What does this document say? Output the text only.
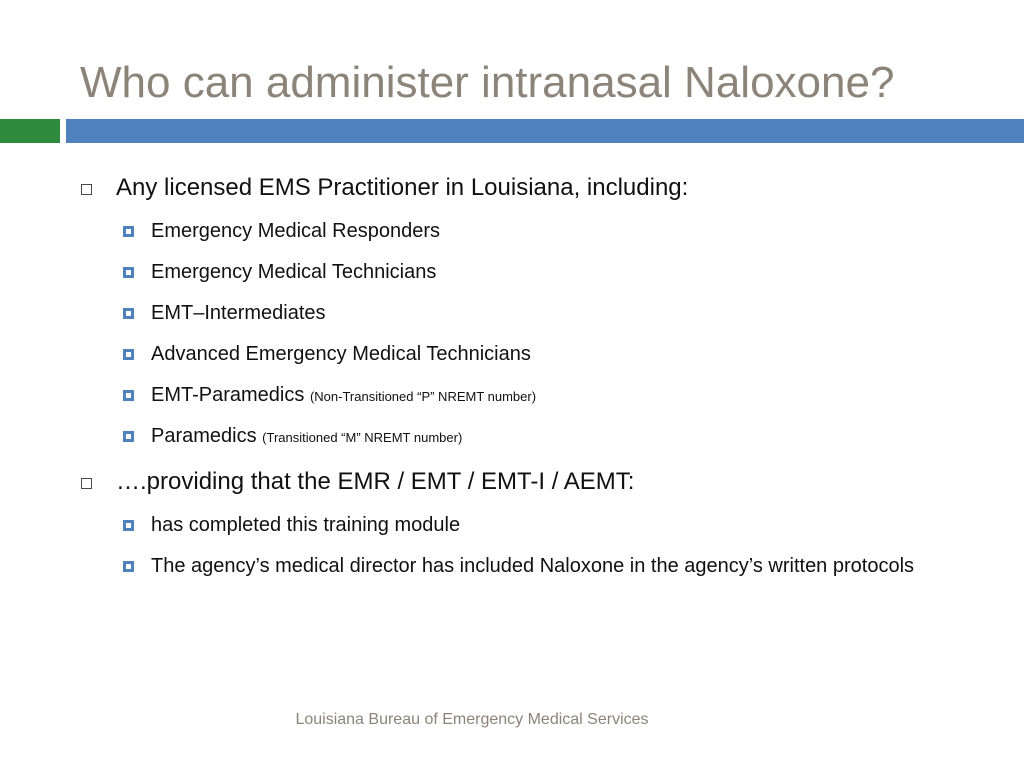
Who can administer intranasal Naloxone?
Any licensed EMS Practitioner in Louisiana, including:
Emergency Medical Responders
Emergency Medical Technicians
EMT–Intermediates
Advanced Emergency Medical Technicians
EMT-Paramedics (Non-Transitioned “P” NREMT number)
Paramedics (Transitioned “M” NREMT number)
….providing that the EMR / EMT / EMT-I / AEMT:
has completed this training module
The agency’s medical director has included Naloxone in the agency’s written protocols
Louisiana Bureau of Emergency Medical Services
